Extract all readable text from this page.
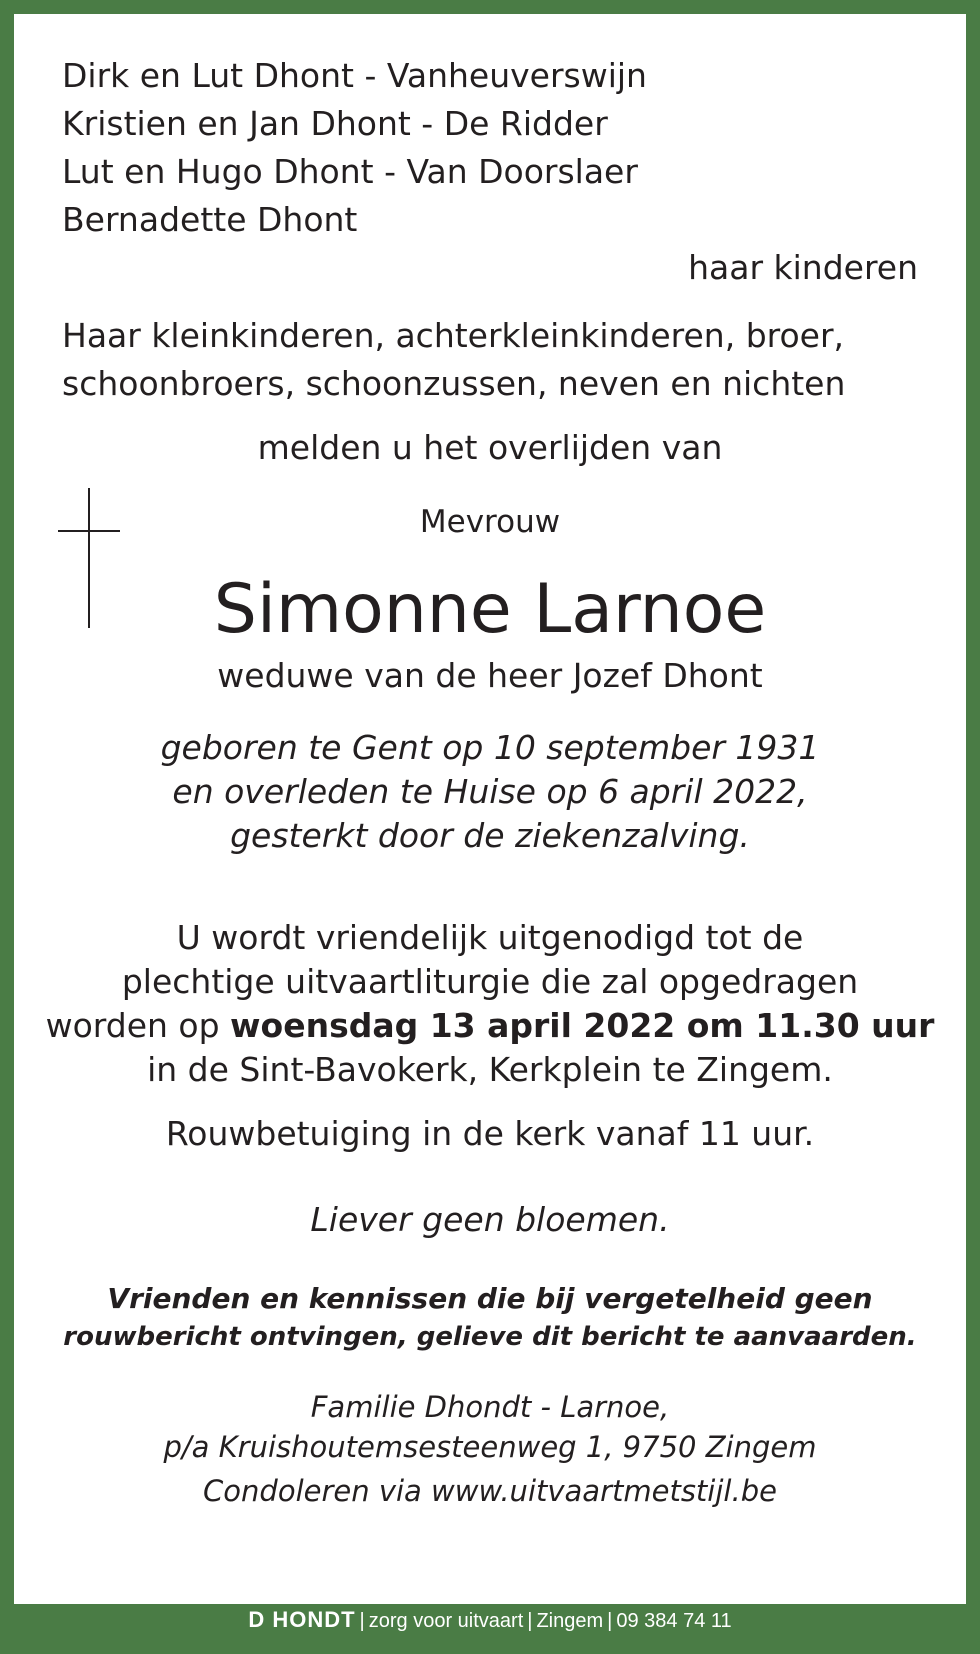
Dirk en Lut Dhont - Vanheuverswijn
Kristien en Jan Dhont - De Ridder
Lut en Hugo Dhont - Van Doorslaer
Bernadette Dhont
haar kinderen
Haar kleinkinderen, achterkleinkinderen, broer,
schoonbroers, schoonzussen, neven en nichten
melden u het overlijden van
Mevrouw
Simonne Larnoe
weduwe van de heer Jozef Dhont
geboren te Gent op 10 september 1931
en overleden te Huise op 6 april 2022,
gesterkt door de ziekenzalving.
U wordt vriendelijk uitgenodigd tot de
plechtige uitvaartliturgie die zal opgedragen
worden op woensdag 13 april 2022 om 11.30 uur
in de Sint-Bavokerk, Kerkplein te Zingem.
Rouwbetuiging in de kerk vanaf 11 uur.
Liever geen bloemen.
Vrienden en kennissen die bij vergetelheid geen
rouwbericht ontvingen, gelieve dit bericht te aanvaarden.
Familie Dhondt - Larnoe,
p/a Kruishoutemsesteenweg 1, 9750 Zingem
Condoleren via www.uitvaartmetstijl.be
D HONDT | zorg voor uitvaart | Zingem | 09 384 74 11
